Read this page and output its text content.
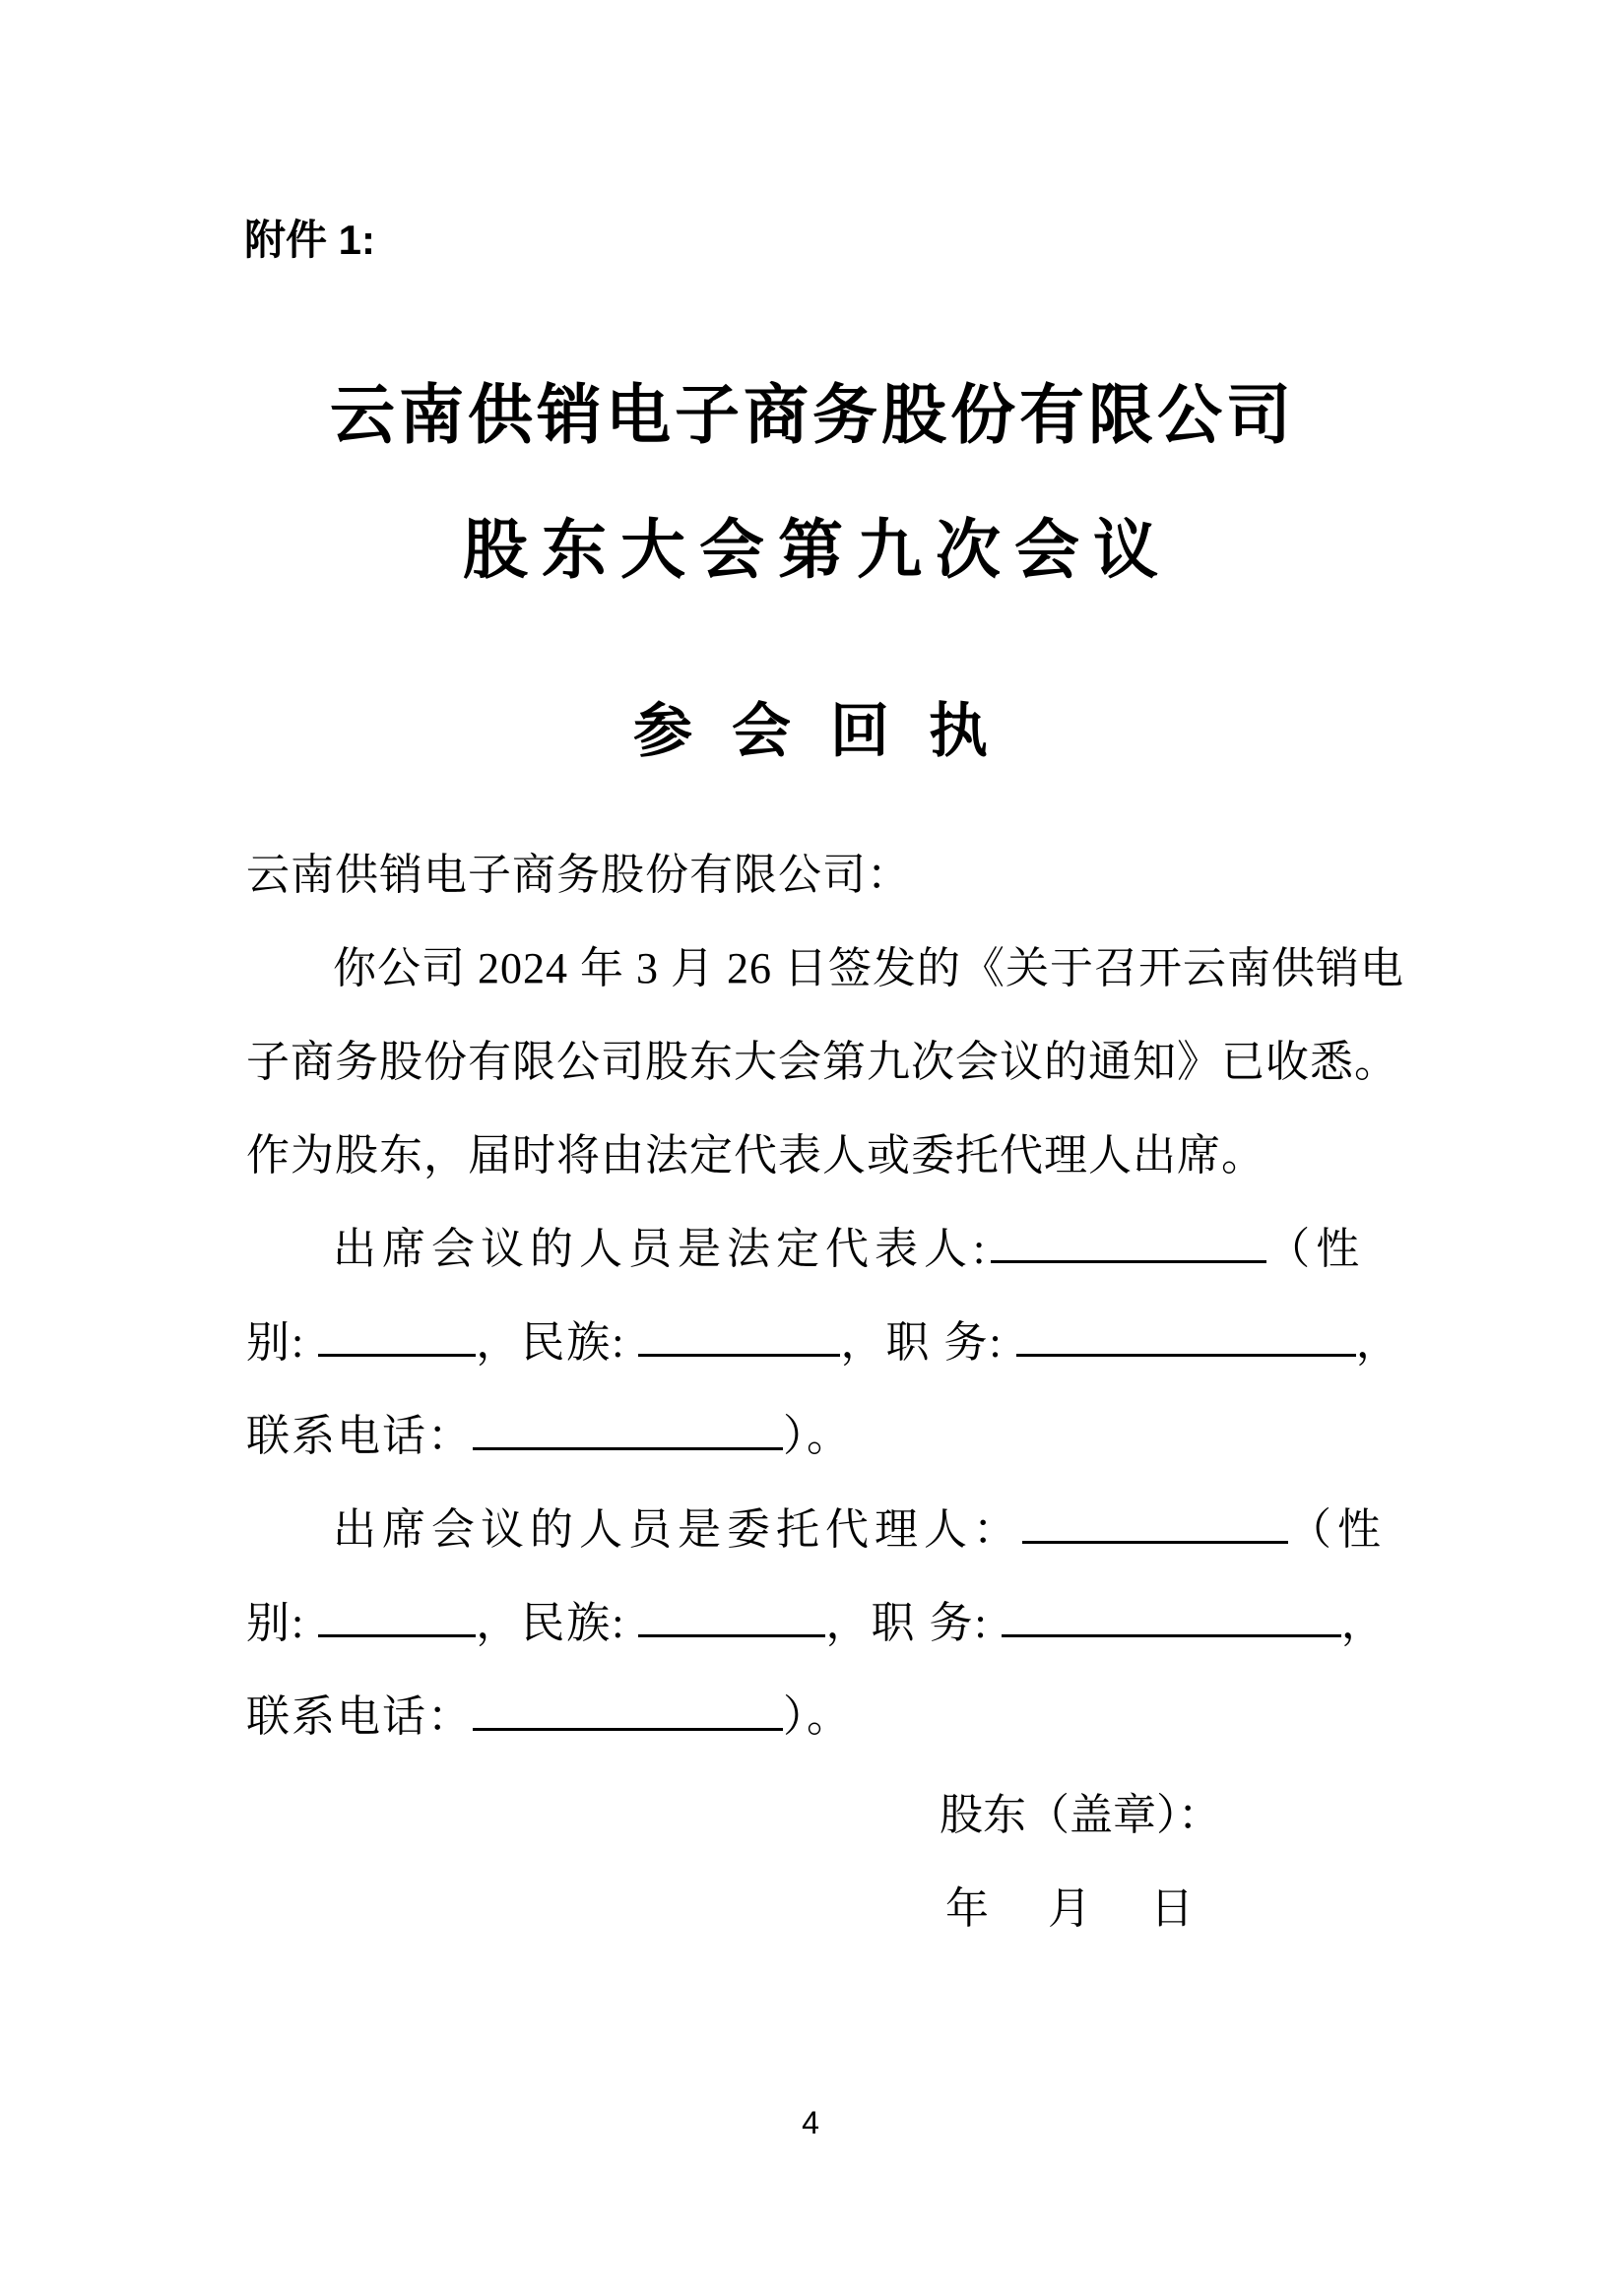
附件 1:
云南供销电子商务股份有限公司
股东大会第九次会议
参会回执
云南供销电子商务股份有限公司：
你公司 2024 年 3 月 26 日签发的《关于召开云南供销电
子商务股份有限公司股东大会第九次会议的通知》已收悉。
作为股东，届时将由法定代表人或委托代理人出席。
出席会议的人员是法定代表人:	（性
别:	，民族:	，职 务:	，
联系电话：	）。
出席会议的人员是委托代理人：	（性
别:	，民族:	，职 务:	，
联系电话：	）。
股东（盖章）：
年　月　日
4
